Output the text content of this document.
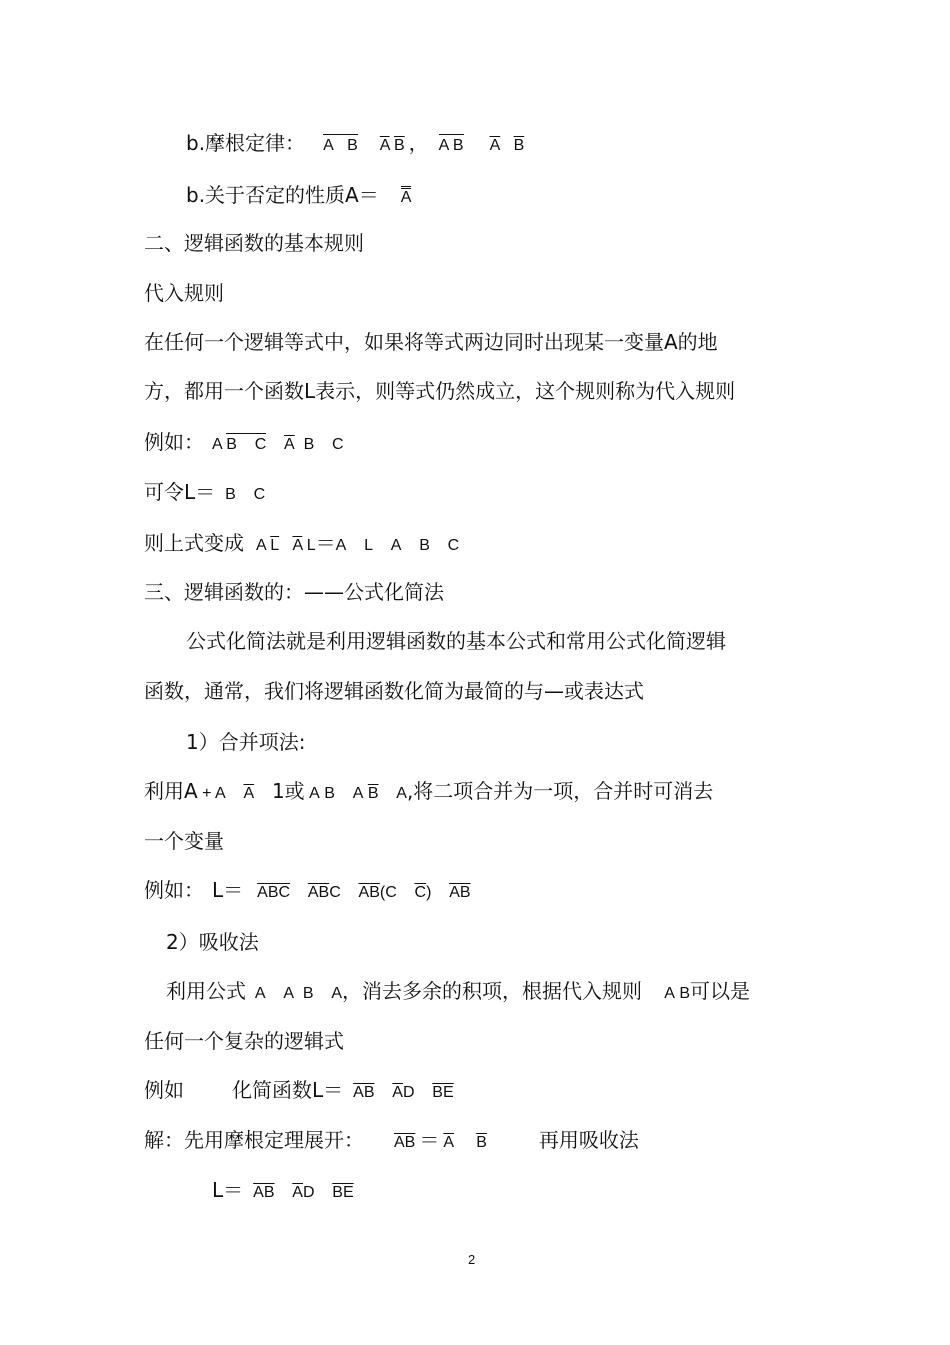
b.摩根定律： A   B $\overline{A}$ $\overline{B}$ ， A B $\overline{A}$ $\overline{B}$
b.关于否定的性质A＝ A
二、逻辑函数的基本规则
代入规则
在任何一个逻辑等式中，如果将等式两边同时出现某一变量A的地
方，都用一个函数L表示，则等式仍然成立，这个规则称为代入规则
例如： A B    C $\overline{A}$  B    C
可令L＝ B    C
则上式变成 A $\overline{L}$ $\overline{A}$ L＝A    L    A    B    C
三、逻辑函数的：——公式化简法
公式化简法就是利用逻辑函数的基本公式和常用公式化简逻辑
函数，通常，我们将逻辑函数化简为最简的与—或表达式
1）合并项法:
利用A + A    $\overline{A}$ 1或 A B    A $\overline{B}$    A,将二项合并为一项，合并时可消去
一个变量
例如： $L= \overline{A}\overline{B}\overline{C}$ $\overline{A}\overline{B}C$    $\overline{A}\overline{B}(C$    $\overline{C}$)    $\overline{A}\overline{B}$
2）吸收法
利用公式  A    A  B    A，消去多余的积项，根据代入规则     A B可以是
任何一个复杂的逻辑式
例如 化简函数$L= \overline{AB}$ $\overline{A}D$    $\overline{B}\overline{E}$
解：先用摩根定理展开： $\overline{AB} = \overline{A}$ $\overline{B}$	再用吸收法
$L= \overline{AB}$ $\overline{A}D$    $\overline{B}\overline{E}$
2
